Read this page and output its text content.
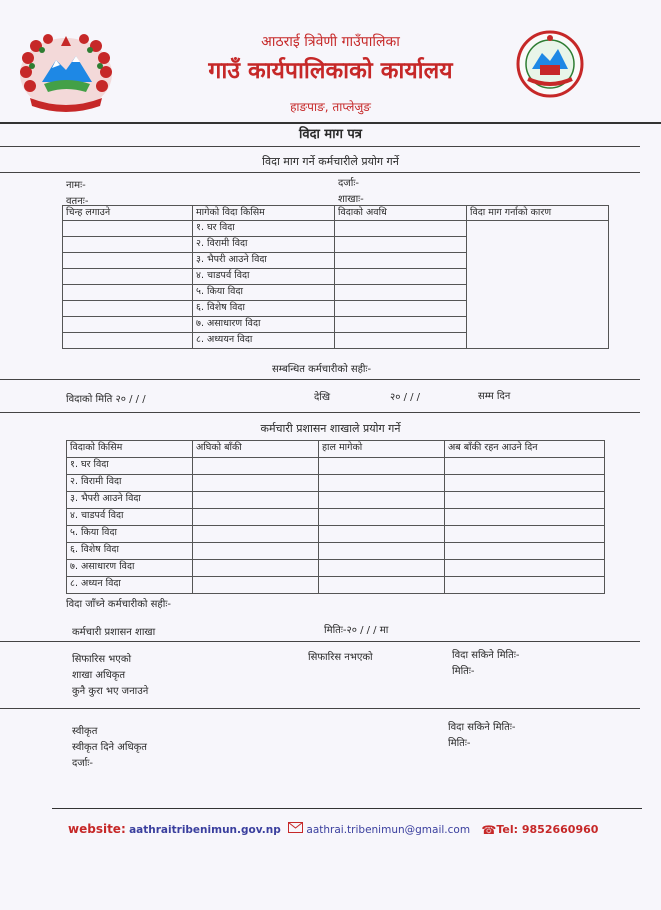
आठराई त्रिवेणी गाउँपालिका
गाउँ कार्यपालिकाको कार्यालय
हाङपाङ, ताप्लेजुङ
विदा माग पत्र
विदा माग गर्ने कर्मचारीले प्रयोग गर्ने
नामः-
वतनः-
दर्जाः-
शाखाः-
चिन्ह लगाउने	मागेको विदा किसिम	विदाको अवधि	विदा माग गर्नाको कारण
	१. घर विदा		
	२. विरामी विदा		
	३. भैपरी आउने विदा		
	४. चाडपर्व विदा		
	५. किया विदा		
	६. विशेष विदा		
	७. असाधारण विदा		
	८. अध्ययन विदा		
सम्बन्धित कर्मचारीको सहीः-
विदाको मिति २० / / /	देखि	२० / / /	सम्म दिन
कर्मचारी प्रशासन शाखाले प्रयोग गर्ने
विदाको किसिम	अघिको बाँकी	हाल मागेको	अब बाँकी रहन आउने दिन
१. घर विदा			
२. विरामी विदा			
३. भैपरी आउने विदा			
४. चाडपर्व विदा			
५. किया विदा			
६. विशेष विदा			
७. असाधारण विदा			
८. अध्यन विदा			
विदा जाँच्ने कर्मचारीको सहीः-
कर्मचारी प्रशासन शाखा	मितिः-२० / / / मा
सिफारिस भएको
शाखा अधिकृत
कुनै कुरा भए जनाउने
सिफारिस नभएको	विदा सकिने मितिः-
मितिः-
स्वीकृत
स्वीकृत दिने अधिकृत
दर्जाः-
विदा सकिने मितिः-
मितिः-
website: aathraitribenimun.gov.np aathrai.tribenimun@gmail.com ☎Tel: 9852660960
